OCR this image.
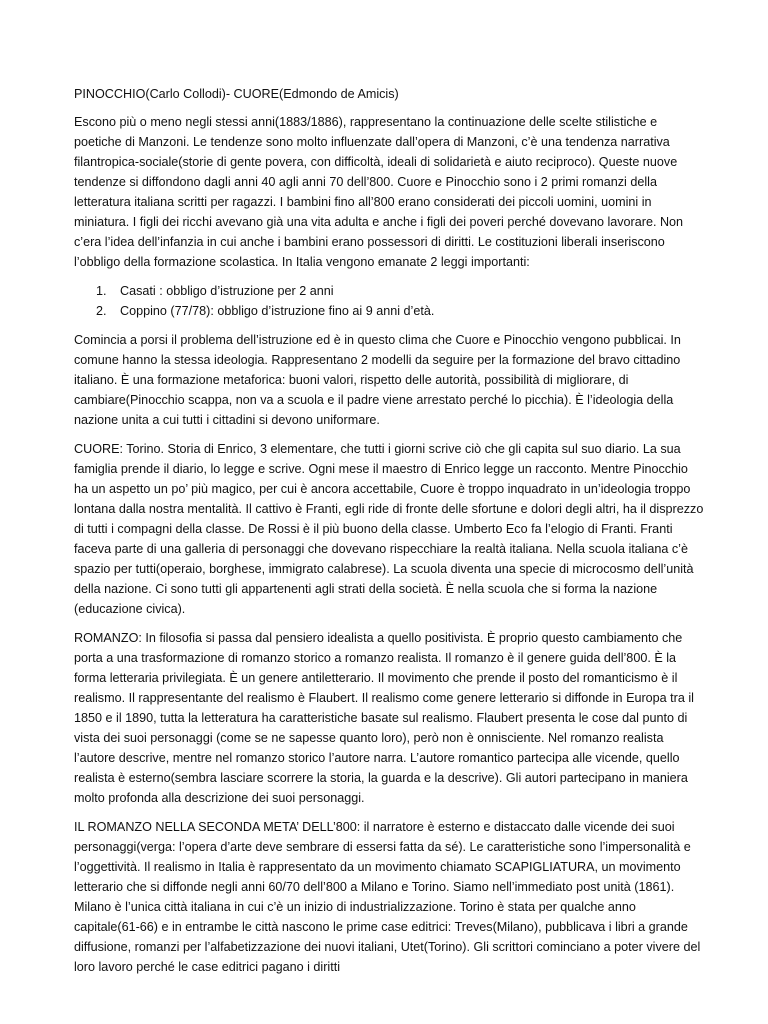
PINOCCHIO(Carlo Collodi)- CUORE(Edmondo de Amicis)

Escono più o meno negli stessi anni(1883/1886), rappresentano la continuazione delle scelte stilistiche e poetiche di Manzoni. Le tendenze sono molto influenzate dall’opera di Manzoni, c’è una tendenza narrativa filantropica-sociale(storie di gente povera, con difficoltà, ideali di solidarietà e aiuto reciproco). Queste nuove tendenze si diffondono dagli anni 40 agli anni 70 dell’800. Cuore e Pinocchio sono i 2 primi romanzi della letteratura italiana scritti per ragazzi. I bambini fino all’800 erano considerati dei piccoli uomini, uomini in miniatura. I figli dei ricchi avevano già una vita adulta e anche i figli dei poveri perché dovevano lavorare. Non c’era l’idea dell’infanzia in cui anche i bambini erano possessori di diritti. Le costituzioni liberali inseriscono l’obbligo della formazione scolastica. In Italia vengono emanate 2 leggi importanti:

1. Casati : obbligo d’istruzione per 2 anni
2. Coppino (77/78): obbligo d’istruzione fino ai 9 anni d’età.

Comincia a porsi il problema dell’istruzione ed è in questo clima che Cuore e Pinocchio vengono pubblicai. In comune hanno la stessa ideologia. Rappresentano 2 modelli da seguire per la formazione del bravo cittadino italiano. È una formazione metaforica: buoni valori, rispetto delle autorità, possibilità di migliorare, di cambiare(Pinocchio scappa, non va a scuola e il padre viene arrestato perché lo picchia). È l’ideologia della nazione unita a cui tutti i cittadini si devono uniformare.

CUORE: Torino. Storia di Enrico, 3 elementare, che tutti i giorni scrive ciò che gli capita sul suo diario. La sua famiglia prende il diario, lo legge e scrive. Ogni mese il maestro di Enrico legge un racconto. Mentre Pinocchio ha un aspetto un po’ più magico, per cui è ancora accettabile, Cuore è troppo inquadrato in un’ideologia troppo lontana dalla nostra mentalità. Il cattivo è Franti, egli ride di fronte delle sfortune e dolori degli altri, ha il disprezzo di tutti i compagni della classe. De Rossi è il più buono della classe. Umberto Eco fa l’elogio di Franti. Franti faceva parte di una galleria di personaggi che dovevano rispecchiare la realtà italiana. Nella scuola italiana c’è spazio per tutti(operaio, borghese, immigrato calabrese). La scuola diventa una specie di microcosmo dell’unità della nazione. Ci sono tutti gli appartenenti agli strati della società. È nella scuola che si forma la nazione (educazione civica).

ROMANZO: In filosofia si passa dal pensiero idealista a quello positivista. È proprio questo cambiamento che porta a una trasformazione di romanzo storico a romanzo realista. Il romanzo è il genere guida dell’800. È la forma letteraria privilegiata. È un genere antiletterario. Il movimento che prende il posto del romanticismo è il realismo. Il rappresentante del realismo è Flaubert. Il realismo come genere letterario si diffonde in Europa tra il 1850 e il 1890, tutta la letteratura ha caratteristiche basate sul realismo. Flaubert presenta le cose dal punto di vista dei suoi personaggi (come se ne sapesse quanto loro), però non è onnisciente. Nel romanzo realista l’autore descrive, mentre nel romanzo storico l’autore narra. L’autore romantico partecipa alle vicende, quello realista è esterno(sembra lasciare scorrere la storia, la guarda e la descrive). Gli autori partecipano in maniera molto profonda alla descrizione dei suoi personaggi.

IL ROMANZO NELLA SECONDA META’ DELL’800: il narratore è esterno e distaccato dalle vicende dei suoi personaggi(verga: l’opera d’arte deve sembrare di essersi fatta da sé). Le caratteristiche sono l’impersonalità e l’oggettività. Il realismo in Italia è rappresentato da un movimento chiamato SCAPIGLIATURA, un movimento letterario che si diffonde negli anni 60/70 dell’800 a Milano e Torino. Siamo nell’immediato post unità (1861). Milano è l’unica città italiana in cui c’è un inizio di industrializzazione. Torino è stata per qualche anno capitale(61-66) e in entrambe le città nascono le prime case editrici: Treves(Milano), pubblicava i libri a grande diffusione, romanzi per l’alfabetizzazione dei nuovi italiani, Utet(Torino). Gli scrittori cominciano a poter vivere del loro lavoro perché le case editrici pagano i diritti
